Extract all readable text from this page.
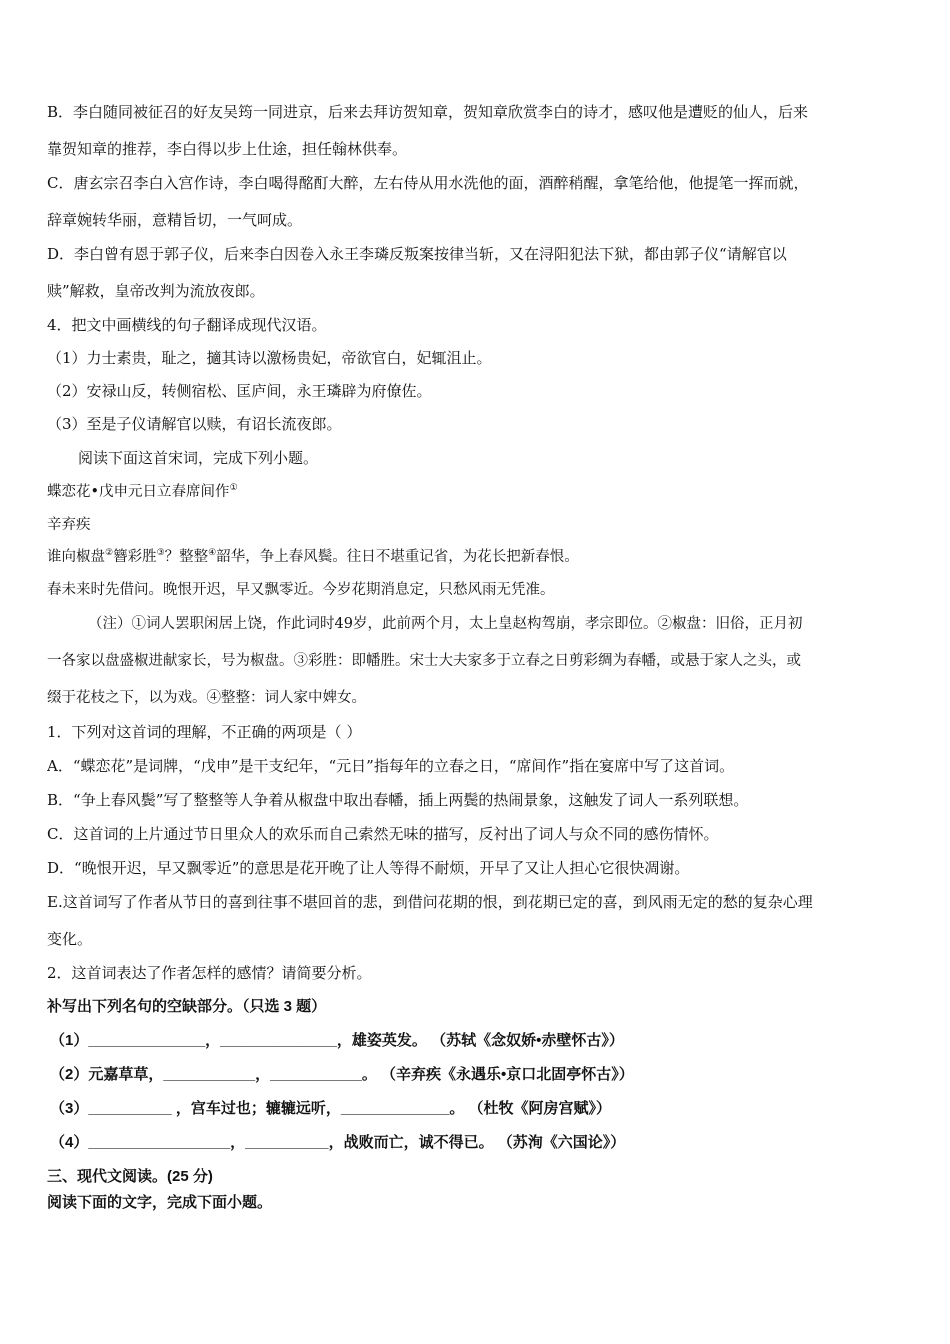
B．李白随同被征召的好友吴筠一同进京，后来去拜访贺知章，贺知章欣赏李白的诗才，感叹他是遭贬的仙人，后来
靠贺知章的推荐，李白得以步上仕途，担任翰林供奉。
C．唐玄宗召李白入宫作诗，李白喝得酩酊大醉，左右侍从用水洗他的面，酒醉稍醒，拿笔给他，他提笔一挥而就，
辞章婉转华丽，意精旨切，一气呵成。
D．李白曾有恩于郭子仪，后来李白因卷入永王李璘反叛案按律当斩，又在浔阳犯法下狱，都由郭子仪“请解官以
赎”解救，皇帝改判为流放夜郎。
4．把文中画横线的句子翻译成现代汉语。
（1）力士素贵，耻之，擿其诗以激杨贵妃，帝欲官白，妃辄沮止。
（2）安禄山反，转侧宿松、匡庐间，永王璘辟为府僚佐。
（3）至是子仪请解官以赎，有诏长流夜郎。
阅读下面这首宋词，完成下列小题。
蝶恋花•戊申元日立春席间作①
辛弃疾
谁向椒盘②簪彩胜③？整整④韶华，争上春风鬓。往日不堪重记省，为花长把新春恨。
春未来时先借问。晚恨开迟，早又飘零近。今岁花期消息定，只愁风雨无凭准。
（注）①词人罢职闲居上饶，作此词时49岁，此前两个月，太上皇赵构驾崩，孝宗即位。②椒盘：旧俗，正月初
一各家以盘盛椒进献家长，号为椒盘。③彩胜：即幡胜。宋士大夫家多于立春之日剪彩绸为春幡，或悬于家人之头，或
缀于花枝之下，以为戏。④整整：词人家中婢女。
1．下列对这首词的理解，不正确的两项是（ ）
A．“蝶恋花”是词牌，“戊申”是干支纪年，“元日”指每年的立春之日，“席间作”指在宴席中写了这首词。
B．“争上春风鬓”写了整整等人争着从椒盘中取出春幡，插上两鬓的热闹景象，这触发了词人一系列联想。
C．这首词的上片通过节日里众人的欢乐而自己索然无味的描写，反衬出了词人与众不同的感伤情怀。
D．“晚恨开迟，早又飘零近”的意思是花开晚了让人等得不耐烦，开早了又让人担心它很快凋谢。
E.这首词写了作者从节日的喜到往事不堪回首的悲，到借问花期的恨，到花期已定的喜，到风雨无定的愁的复杂心理
变化。
2．这首词表达了作者怎样的感情？请简要分析。
补写出下列名句的空缺部分。（只选 3 题）
（1）______________，______________，雄姿英发。 （苏轼《念奴娇•赤壁怀古》）
（2）元嘉草草，___________，___________。 （辛弃疾《永遇乐•京口北固亭怀古》）
（3）__________ ，宫车过也；辘辘远听，_____________。 （杜牧《阿房宫赋》）
（4）_________________，__________，战败而亡，诚不得已。 （苏洵《六国论》）
三、现代文阅读。(25 分)
阅读下面的文字，完成下面小题。
